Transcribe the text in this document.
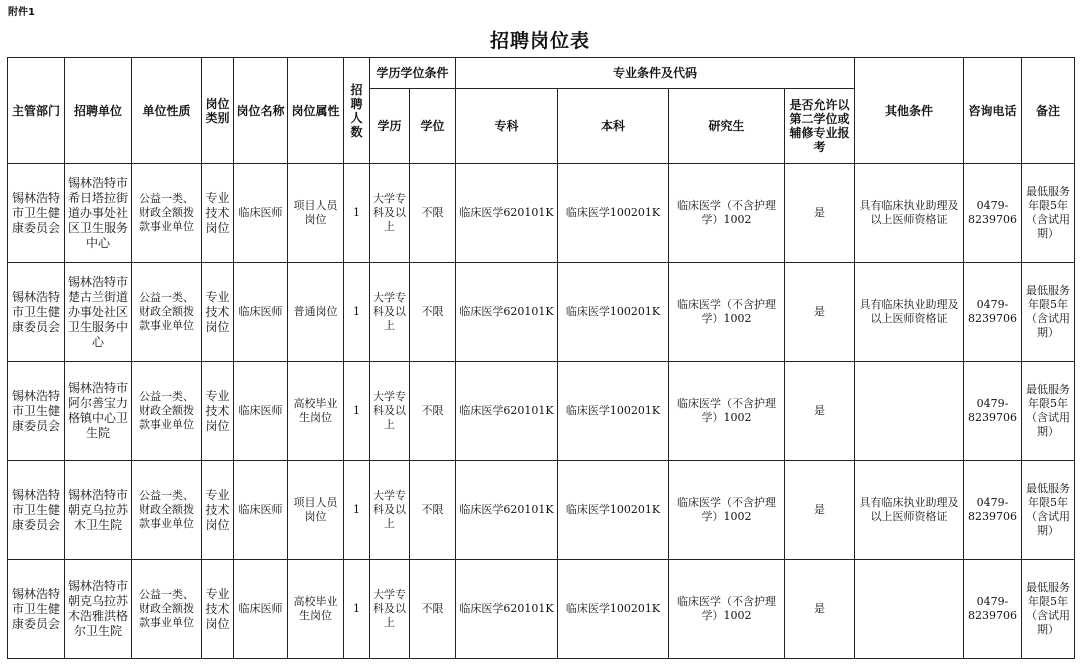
附件1
招聘岗位表
主管部门	招聘单位	单位性质	岗位类别	岗位名称	岗位属性	招聘人数	学历学位条件		专业条件及代码				其他条件	咨询电话	备注
							学历	学位	专科	本科	研究生	是否允许以第二学位或辅修专业报考			
锡林浩特市卫生健康委员会	锡林浩特市希日塔拉街道办事处社区卫生服务中心	公益一类、财政全额拨款事业单位	专业技术岗位	临床医师	项目人员岗位	1	大学专科及以上	不限	临床医学620101K	临床医学100201K	临床医学（不含护理学）1002	是	具有临床执业助理及以上医师资格证	0479-8239706	最低服务年限5年（含试用期）
锡林浩特市卫生健康委员会	锡林浩特市楚古兰街道办事处社区卫生服务中心	公益一类、财政全额拨款事业单位	专业技术岗位	临床医师	普通岗位	1	大学专科及以上	不限	临床医学620101K	临床医学100201K	临床医学（不含护理学）1002	是	具有临床执业助理及以上医师资格证	0479-8239706	最低服务年限5年（含试用期）
锡林浩特市卫生健康委员会	锡林浩特市阿尔善宝力格镇中心卫生院	公益一类、财政全额拨款事业单位	专业技术岗位	临床医师	高校毕业生岗位	1	大学专科及以上	不限	临床医学620101K	临床医学100201K	临床医学（不含护理学）1002	是		0479-8239706	最低服务年限5年（含试用期）
锡林浩特市卫生健康委员会	锡林浩特市朝克乌拉苏木卫生院	公益一类、财政全额拨款事业单位	专业技术岗位	临床医师	项目人员岗位	1	大学专科及以上	不限	临床医学620101K	临床医学100201K	临床医学（不含护理学）1002	是	具有临床执业助理及以上医师资格证	0479-8239706	最低服务年限5年（含试用期）
锡林浩特市卫生健康委员会	锡林浩特市朝克乌拉苏木浩雅洪格尔卫生院	公益一类、财政全额拨款事业单位	专业技术岗位	临床医师	高校毕业生岗位	1	大学专科及以上	不限	临床医学620101K	临床医学100201K	临床医学（不含护理学）1002	是		0479-8239706	最低服务年限5年（含试用期）
